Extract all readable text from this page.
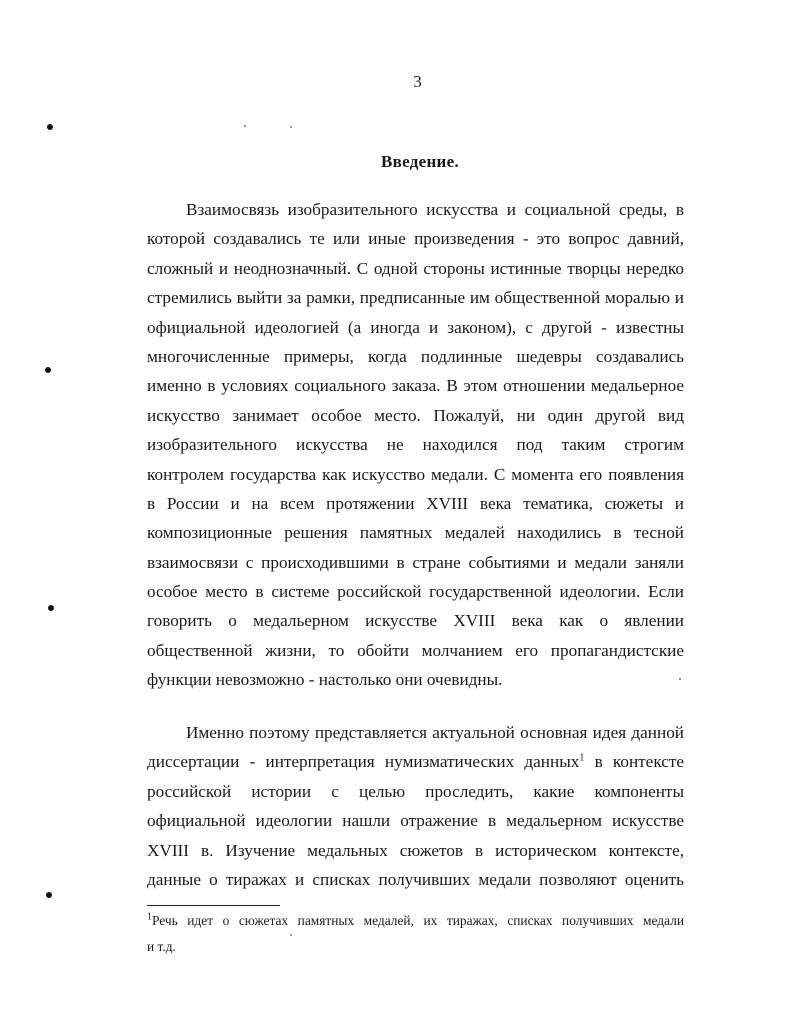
3
Введение.
Взаимосвязь изобразительного искусства и социальной среды, в
которой создавались те или иные произведения - это вопрос давний,
сложный и неоднозначный. С одной стороны истинные творцы нередко
стремились выйти за рамки, предписанные им общественной моралью и
официальной идеологией (а иногда и законом), с другой - известны
многочисленные примеры, когда подлинные шедевры создавались
именно в условиях социального заказа. В этом отношении медальерное
искусство занимает особое место. Пожалуй, ни один другой вид
изобразительного искусства не находился под таким строгим
контролем государства как искусство медали. С момента его появления
в России и на всем протяжении XVIII века тематика, сюжеты и
композиционные решения памятных медалей находились в тесной
взаимосвязи с происходившими в стране событиями и медали заняли
особое место в системе российской государственной идеологии. Если
говорить о медальерном искусстве XVIII века как о явлении
общественной жизни, то обойти молчанием его пропагандистские
функции невозможно - настолько они очевидны.
Именно поэтому представляется актуальной основная идея данной
диссертации - интерпретация нумизматических данных$^1$ в контексте
российской истории с целью проследить, какие компоненты
официальной идеологии нашли отражение в медальерном искусстве
XVIII в. Изучение медальных сюжетов в историческом контексте,
данные о тиражах и списках получивших медали позволяют оценить
$^1$Речь идет о сюжетах памятных медалей, их тиражах, списках получивших медали
и т.д.
